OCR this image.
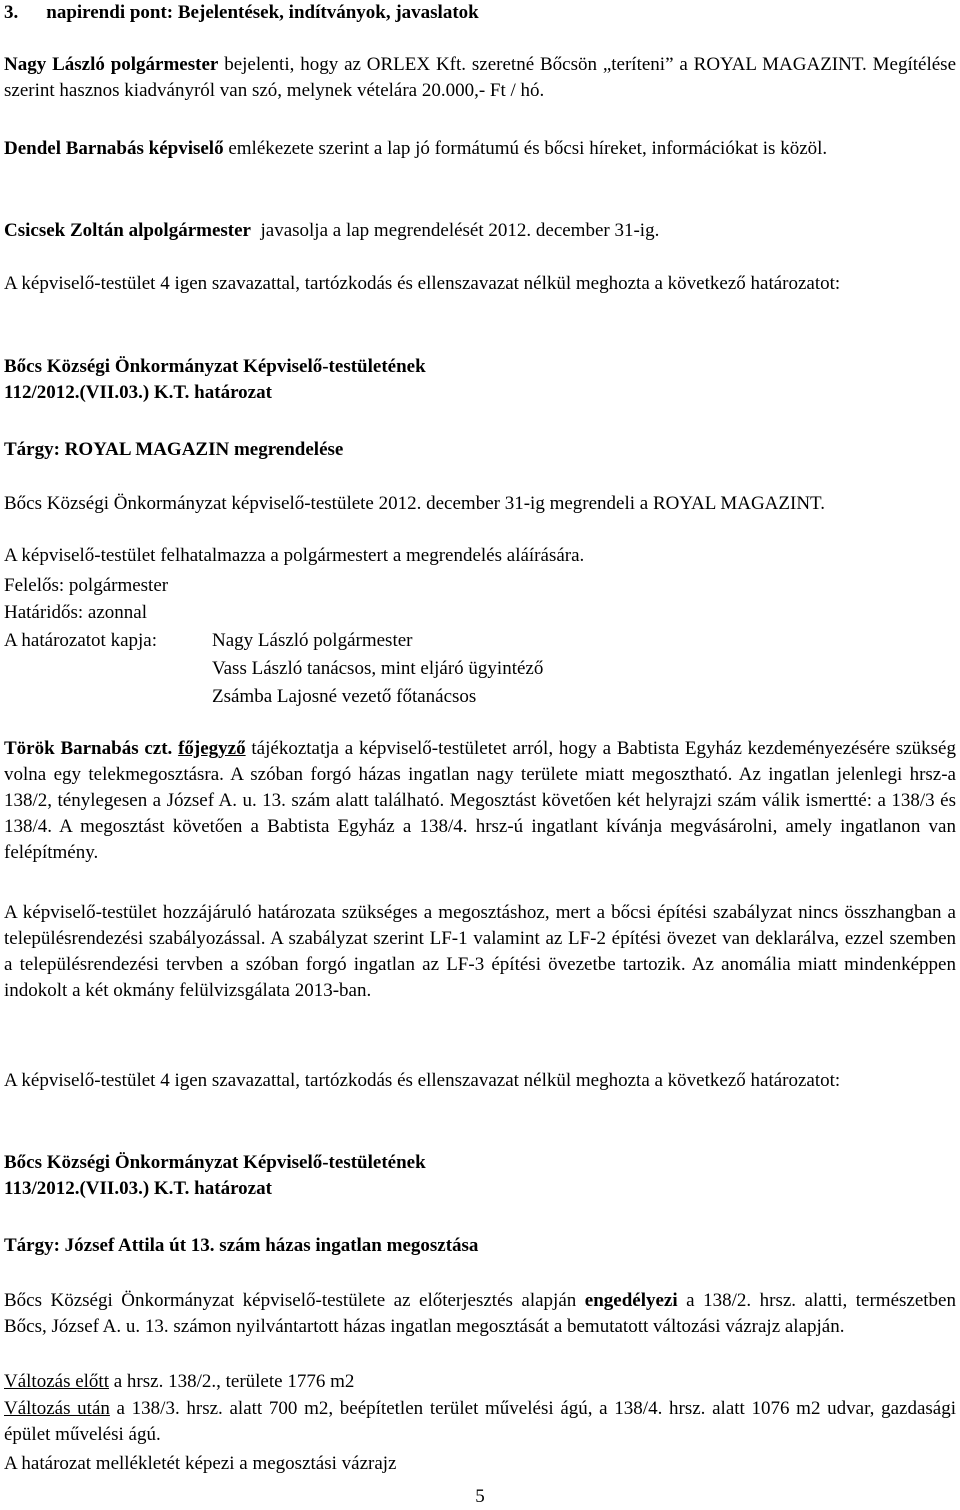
3. napirendi pont: Bejelentések, indítványok, javaslatok

Nagy László polgármester bejelenti, hogy az ORLEX Kft. szeretné Bőcsön „teríteni” a ROYAL MAGAZINT. Megítélése szerint hasznos kiadványról van szó, melynek vételára 20.000,- Ft / hó.

Dendel Barnabás képviselő emlékezete szerint a lap jó formátumú és bőcsi híreket, információkat is közöl.

Csicsek Zoltán alpolgármester  javasolja a lap megrendelését 2012. december 31-ig.

A képviselő-testület 4 igen szavazattal, tartózkodás és ellenszavazat nélkül meghozta a következő határozatot:

Bőcs Községi Önkormányzat Képviselő-testületének
112/2012.(VII.03.) K.T. határozat
Tárgy: ROYAL MAGAZIN megrendelése

Bőcs Községi Önkormányzat képviselő-testülete 2012. december 31-ig megrendeli a ROYAL MAGAZINT.

A képviselő-testület felhatalmazza a polgármestert a megrendelés aláírására.
Felelős: polgármester
Határidős: azonnal
A határozatot kapja:	Nagy László polgármester
Vass László tanácsos, mint eljáró ügyintéző
Zsámba Lajosné vezető főtanácsos

Török Barnabás czt. főjegyző tájékoztatja a képviselő-testületet arról, hogy a Babtista Egyház kezdeményezésére szükség volna egy telekmegosztásra. A szóban forgó házas ingatlan nagy területe miatt megosztható. Az ingatlan jelenlegi hrsz-a 138/2, ténylegesen a József A. u. 13. szám alatt található. Megosztást követően két helyrajzi szám válik ismertté: a 138/3 és 138/4. A megosztást követően a Babtista Egyház a 138/4. hrsz-ú ingatlant kívánja megvásárolni, amely ingatlanon van felépítmény.

A képviselő-testület hozzájáruló határozata szükséges a megosztáshoz, mert a bőcsi építési szabályzat nincs összhangban a településrendezési szabályozással. A szabályzat szerint LF-1 valamint az LF-2 építési övezet van deklarálva, ezzel szemben a településrendezési tervben a szóban forgó ingatlan az LF-3 építési övezetbe tartozik. Az anomália miatt mindenképpen indokolt a két okmány felülvizsgálata 2013-ban.

A képviselő-testület 4 igen szavazattal, tartózkodás és ellenszavazat nélkül meghozta a következő határozatot:

Bőcs Községi Önkormányzat Képviselő-testületének
113/2012.(VII.03.) K.T. határozat
Tárgy: József Attila út 13. szám házas ingatlan megosztása

Bőcs Községi Önkormányzat képviselő-testülete az előterjesztés alapján engedélyezi a 138/2. hrsz. alatti, természetben Bőcs, József A. u. 13. számon nyilvántartott házas ingatlan megosztását a bemutatott változási vázrajz alapján.

Változás előtt a hrsz. 138/2., területe 1776 m2

Változás után a 138/3. hrsz. alatt 700 m2, beépítetlen terület művelési ágú, a 138/4. hrsz. alatt 1076 m2 udvar, gazdasági épület művelési ágú.

A határozat mellékletét képezi a megosztási vázrajz
5
